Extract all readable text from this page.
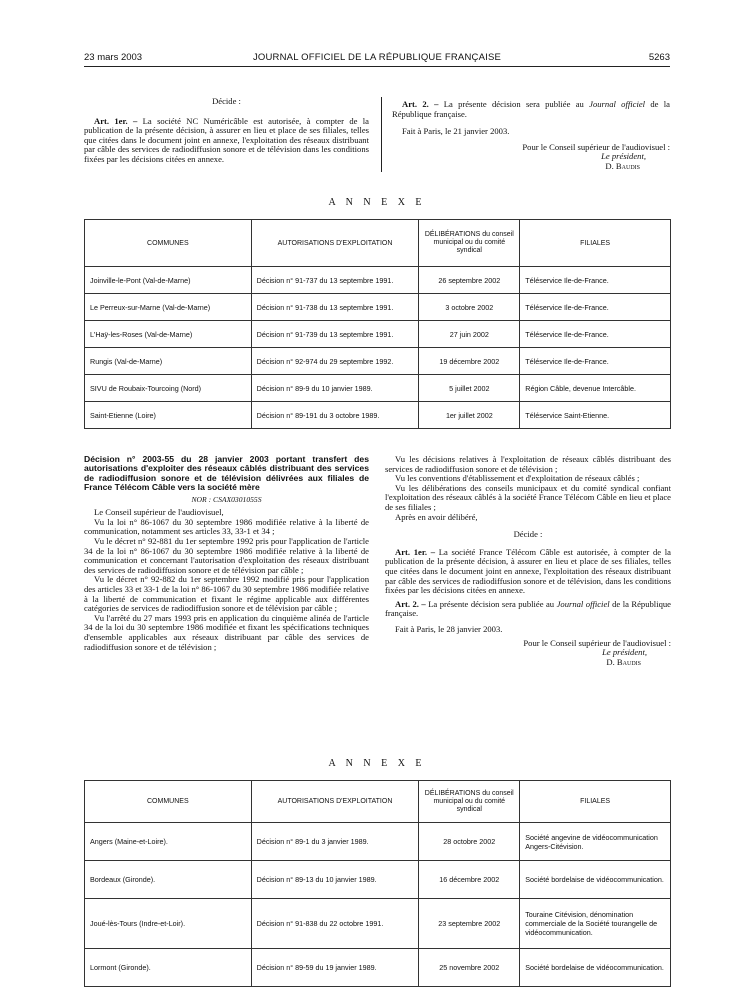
23 mars 2003	JOURNAL OFFICIEL DE LA RÉPUBLIQUE FRANÇAISE	5263

Décide :

Art. 1er. – La société NC Numéricâble est autorisée, à compter de la publication de la présente décision, à assurer en lieu et place de ses filiales, telles que citées dans le document joint en annexe, l'exploitation des réseaux distribuant par câble des services de radiodiffusion sonore et de télévision dans les conditions fixées par les décisions citées en annexe.

Art. 2. – La présente décision sera publiée au Journal officiel de la République française.

Fait à Paris, le 21 janvier 2003.

Pour le Conseil supérieur de l'audiovisuel :

Le président,

D. Baudis

A N N E X E
COMMUNES	AUTORISATIONS D'EXPLOITATION	DÉLIBÉRATIONS du conseil municipal ou du comité syndical	FILIALES
Joinville-le-Pont (Val-de-Marne)	Décision n° 91-737 du 13 septembre 1991.	26 septembre 2002	Téléservice Ile-de-France.
Le Perreux-sur-Marne (Val-de-Marne)	Décision n° 91-738 du 13 septembre 1991.	3 octobre 2002	Téléservice Ile-de-France.
L'Haÿ-les-Roses (Val-de-Marne)	Décision n° 91-739 du 13 septembre 1991.	27 juin 2002	Téléservice Ile-de-France.
Rungis (Val-de-Marne)	Décision n° 92-974 du 29 septembre 1992.	19 décembre 2002	Téléservice Ile-de-France.
SIVU de Roubaix-Tourcoing (Nord)	Décision n° 89-9 du 10 janvier 1989.	5 juillet 2002	Région Câble, devenue Intercâble.
Saint-Etienne (Loire)	Décision n° 89-191 du 3 octobre 1989.	1er juillet 2002	Téléservice Saint-Etienne.

Décision n° 2003-55 du 28 janvier 2003 portant transfert des autorisations d'exploiter des réseaux câblés distribuant des services de radiodiffusion sonore et de télévision délivrées aux filiales de France Télécom Câble vers la société mère

NOR : CSAX0301055S

Le Conseil supérieur de l'audiovisuel,

Vu la loi n° 86-1067 du 30 septembre 1986 modifiée relative à la liberté de communication, notamment ses articles 33, 33-1 et 34 ;

Vu le décret n° 92-881 du 1er septembre 1992 pris pour l'application de l'article 34 de la loi n° 86-1067 du 30 septembre 1986 modifiée relative à la liberté de communication et concernant l'autorisation d'exploitation des réseaux distribuant des services de radiodiffusion sonore et de télévision par câble ;

Vu le décret n° 92-882 du 1er septembre 1992 modifié pris pour l'application des articles 33 et 33-1 de la loi n° 86-1067 du 30 septembre 1986 modifiée relative à la liberté de communication et fixant le régime applicable aux différentes catégories de services de radiodiffusion sonore et de télévision par câble ;

Vu l'arrêté du 27 mars 1993 pris en application du cinquième alinéa de l'article 34 de la loi du 30 septembre 1986 modifiée et fixant les spécifications techniques d'ensemble applicables aux réseaux distribuant par câble des services de radiodiffusion sonore et de télévision ;

Vu les décisions relatives à l'exploitation de réseaux câblés distribuant des services de radiodiffusion sonore et de télévision ;

Vu les conventions d'établissement et d'exploitation de réseaux câblés ;

Vu les délibérations des conseils municipaux et du comité syndical confiant l'exploitation des réseaux câblés à la société France Télécom Câble en lieu et place de ses filiales ;

Après en avoir délibéré,

Décide :

Art. 1er. – La société France Télécom Câble est autorisée, à compter de la publication de la présente décision, à assurer en lieu et place de ses filiales, telles que citées dans le document joint en annexe, l'exploitation des réseaux distribuant par câble des services de radiodiffusion sonore et de télévision, dans les conditions fixées par les décisions citées en annexe.

Art. 2. – La présente décision sera publiée au Journal officiel de la République française.

Fait à Paris, le 28 janvier 2003.

Pour le Conseil supérieur de l'audiovisuel :

Le président,

D. Baudis

A N N E X E
COMMUNES	AUTORISATIONS D'EXPLOITATION	DÉLIBÉRATIONS du conseil municipal ou du comité syndical	FILIALES
Angers (Maine-et-Loire).	Décision n° 89-1 du 3 janvier 1989.	28 octobre 2002	Société angevine de vidéocommunication Angers-Citévision.
Bordeaux (Gironde).	Décision n° 89-13 du 10 janvier 1989.	16 décembre 2002	Société bordelaise de vidéocommunication.
Joué-lès-Tours (Indre-et-Loir).	Décision n° 91-838 du 22 octobre 1991.	23 septembre 2002	Touraine Citévision, dénomination commerciale de la Société tourangelle de vidéocommunication.
Lormont (Gironde).	Décision n° 89-59 du 19 janvier 1989.	25 novembre 2002	Société bordelaise de vidéocommunication.
